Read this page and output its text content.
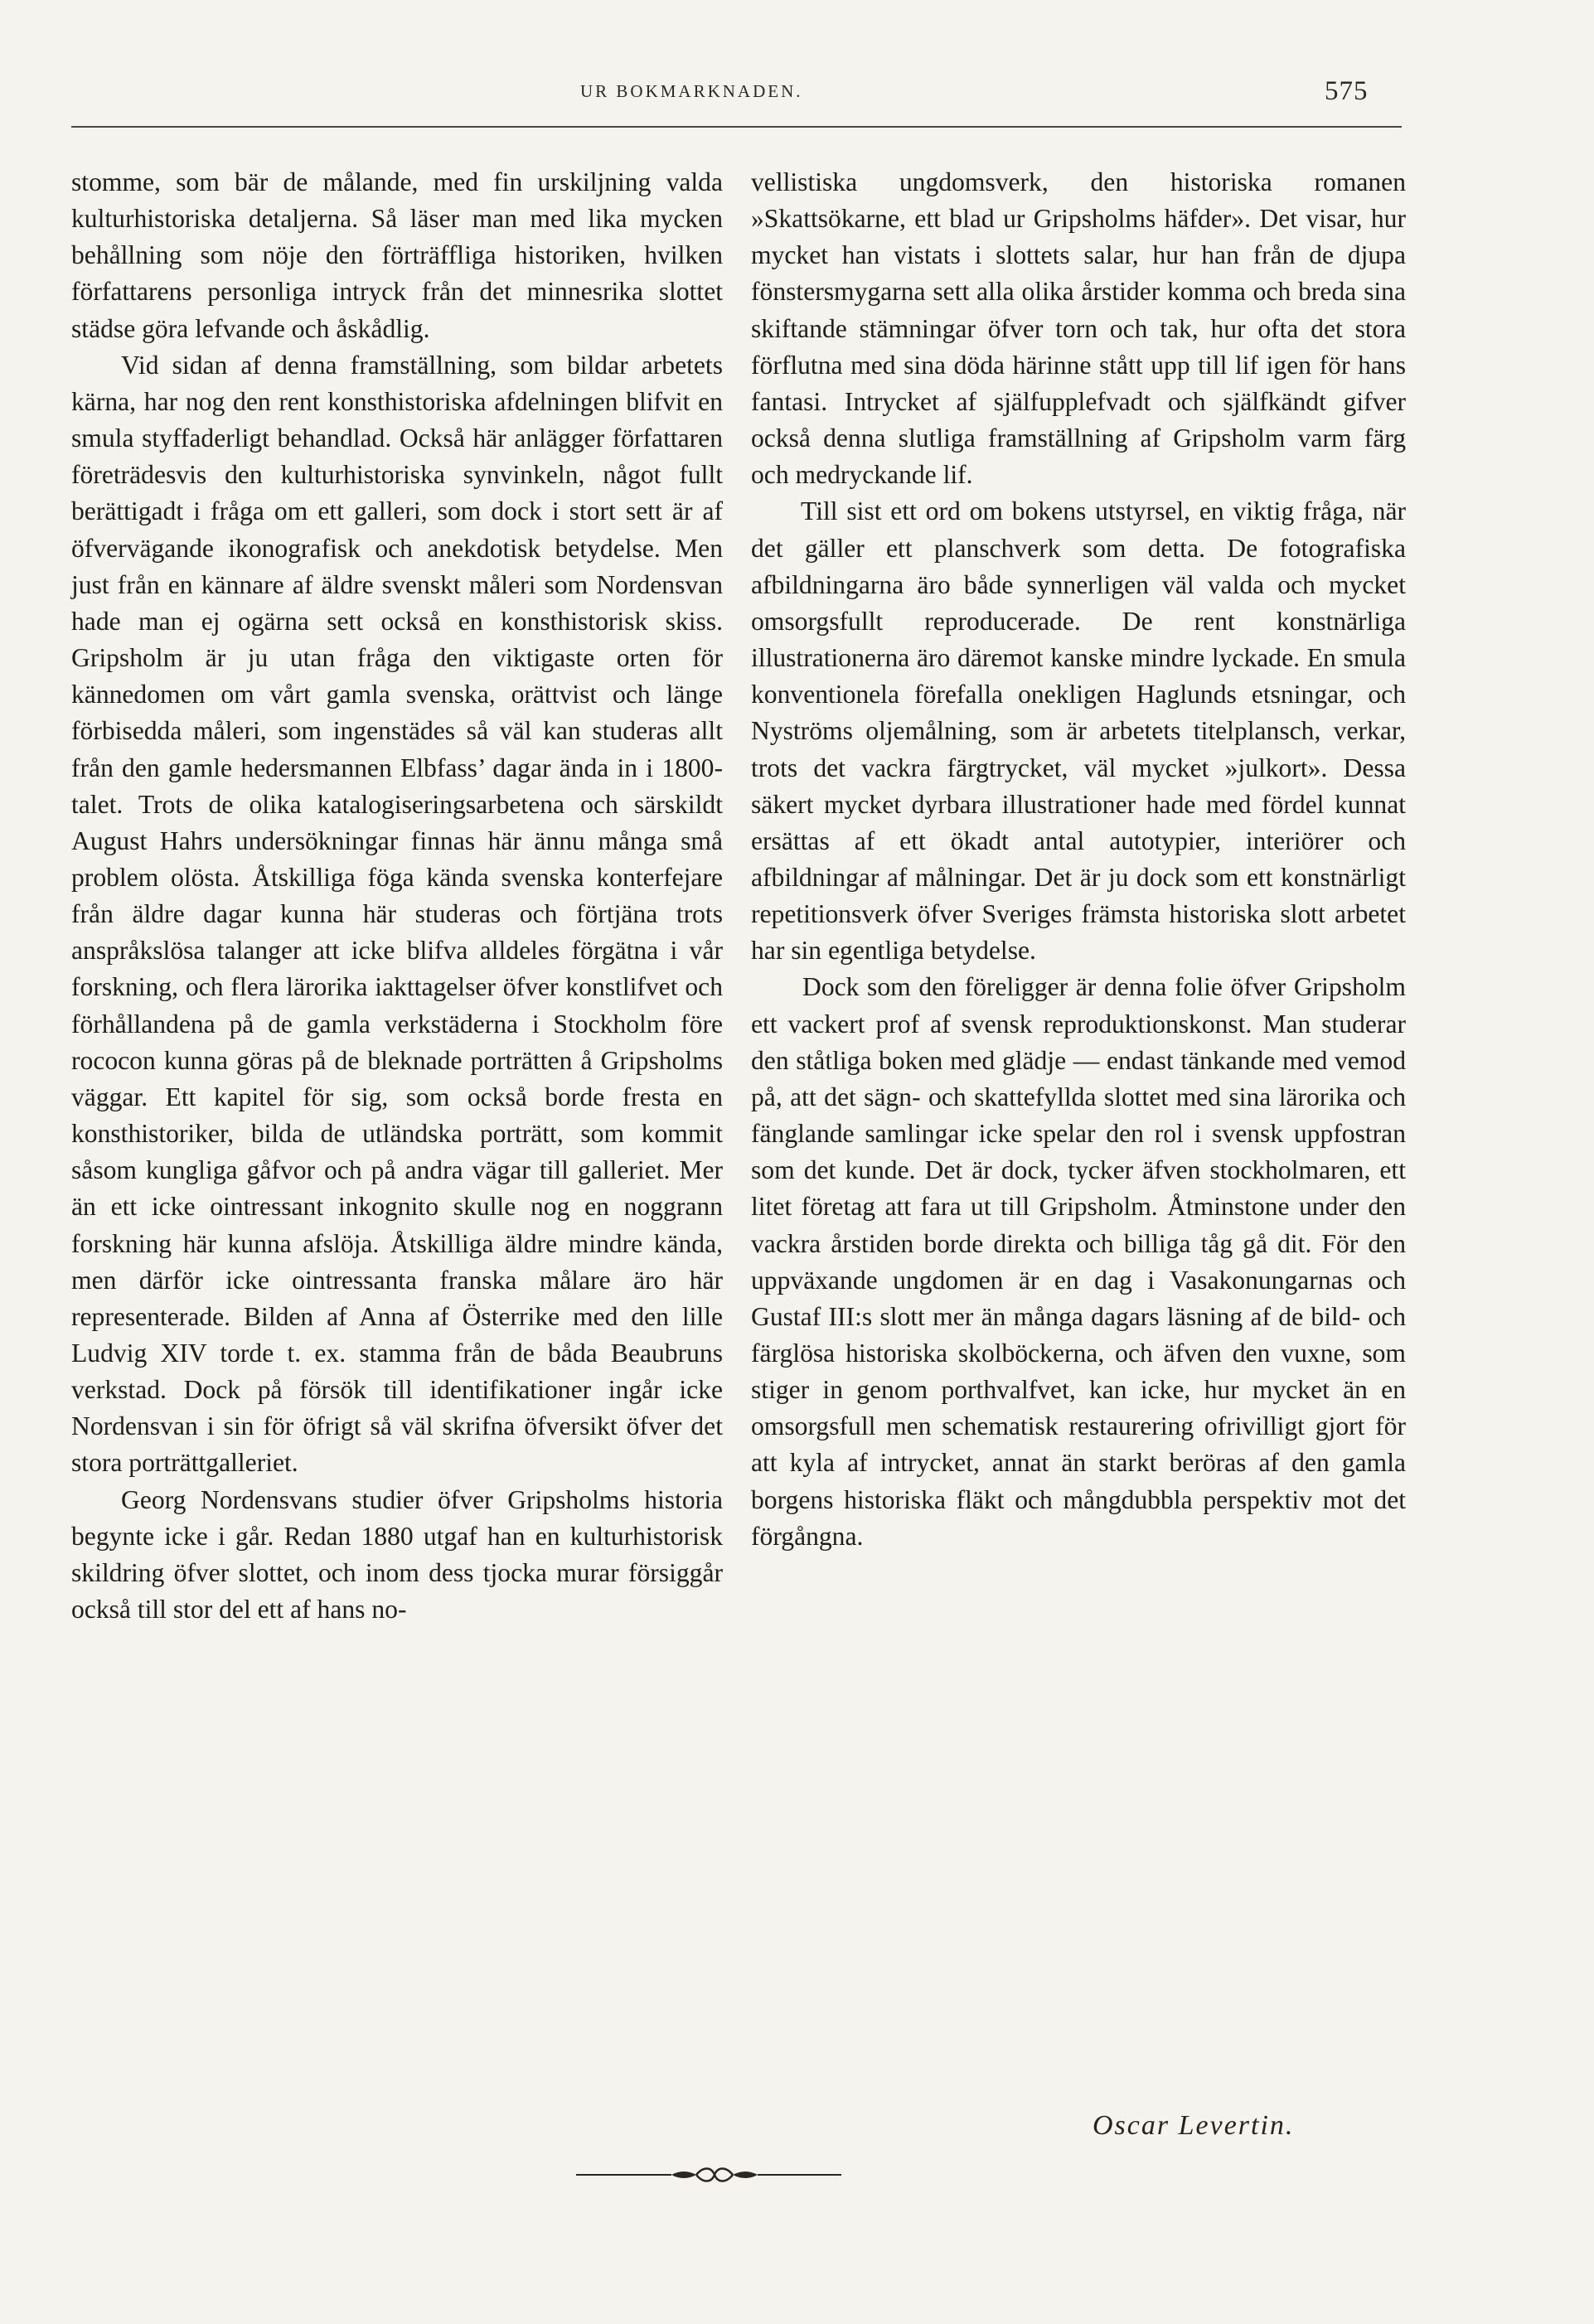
UR BOKMARKNADEN.	575

stomme, som bär de målande, med fin urskiljning valda kulturhistoriska detaljerna. Så läser man med lika mycken behållning som nöje den förträffliga historiken, hvilken författarens personliga intryck från det minnesrika slottet städse göra lefvande och åskådlig.

Vid sidan af denna framställning, som bildar arbetets kärna, har nog den rent konsthistoriska afdelningen blifvit en smula styffaderligt behandlad. Också här anlägger författaren företrädesvis den kulturhistoriska synvinkeln, något fullt berättigadt i fråga om ett galleri, som dock i stort sett är af öfvervägande ikonografisk och anekdotisk betydelse. Men just från en kännare af äldre svenskt måleri som Nordensvan hade man ej ogärna sett också en konsthistorisk skiss. Gripsholm är ju utan fråga den viktigaste orten för kännedomen om vårt gamla svenska, orättvist och länge förbisedda måleri, som ingenstädes så väl kan studeras allt från den gamle hedersmannen Elbfass’ dagar ända in i 1800-talet. Trots de olika katalogiseringsarbetena och särskildt August Hahrs undersökningar finnas här ännu många små problem olösta. Åtskilliga föga kända svenska konterfejare från äldre dagar kunna här studeras och förtjäna trots anspråkslösa talanger att icke blifva alldeles förgätna i vår forskning, och flera lärorika iakttagelser öfver konstlifvet och förhållandena på de gamla verkstäderna i Stockholm före rococon kunna göras på de bleknade porträtten å Gripsholms väggar. Ett kapitel för sig, som också borde fresta en konsthistoriker, bilda de utländska porträtt, som kommit såsom kungliga gåfvor och på andra vägar till galleriet. Mer än ett icke ointressant inkognito skulle nog en noggrann forskning här kunna afslöja. Åtskilliga äldre mindre kända, men därför icke ointressanta franska målare äro här representerade. Bilden af Anna af Österrike med den lille Ludvig XIV torde t. ex. stamma från de båda Beaubruns verkstad. Dock på försök till identifikationer ingår icke Nordensvan i sin för öfrigt så väl skrifna öfversikt öfver det stora porträttgalleriet.

Georg Nordensvans studier öfver Gripsholms historia begynte icke i går. Redan 1880 utgaf han en kulturhistorisk skildring öfver slottet, och inom dess tjocka murar försiggår också till stor del ett af hans no-

vellistiska ungdomsverk, den historiska romanen »Skattsökarne, ett blad ur Gripsholms häfder». Det visar, hur mycket han vistats i slottets salar, hur han från de djupa fönstersmygarna sett alla olika årstider komma och breda sina skiftande stämningar öfver torn och tak, hur ofta det stora förflutna med sina döda härinne stått upp till lif igen för hans fantasi. Intrycket af själfupplefvadt och själfkändt gifver också denna slutliga framställning af Gripsholm varm färg och medryckande lif.

Till sist ett ord om bokens utstyrsel, en viktig fråga, när det gäller ett planschverk som detta. De fotografiska afbildningarna äro både synnerligen väl valda och mycket omsorgsfullt reproducerade. De rent konstnärliga illustrationerna äro däremot kanske mindre lyckade. En smula konventionela förefalla onekligen Haglunds etsningar, och Nyströms oljemålning, som är arbetets titelplansch, verkar, trots det vackra färgtrycket, väl mycket »julkort». Dessa säkert mycket dyrbara illustrationer hade med fördel kunnat ersättas af ett ökadt antal autotypier, interiörer och afbildningar af målningar. Det är ju dock som ett konstnärligt repetitionsverk öfver Sveriges främsta historiska slott arbetet har sin egentliga betydelse.

Dock som den föreligger är denna folie öfver Gripsholm ett vackert prof af svensk reproduktionskonst. Man studerar den ståtliga boken med glädje — endast tänkande med vemod på, att det sägn- och skattefyllda slottet med sina lärorika och fänglande samlingar icke spelar den rol i svensk uppfostran som det kunde. Det är dock, tycker äfven stockholmaren, ett litet företag att fara ut till Gripsholm. Åtminstone under den vackra årstiden borde direkta och billiga tåg gå dit. För den uppväxande ungdomen är en dag i Vasakonungarnas och Gustaf III:s slott mer än många dagars läsning af de bild- och färglösa historiska skolböckerna, och äfven den vuxne, som stiger in genom porthvalfvet, kan icke, hur mycket än en omsorgsfull men schematisk restaurering ofrivilligt gjort för att kyla af intrycket, annat än starkt beröras af den gamla borgens historiska fläkt och mångdubbla perspektiv mot det förgångna.

Oscar Levertin.
